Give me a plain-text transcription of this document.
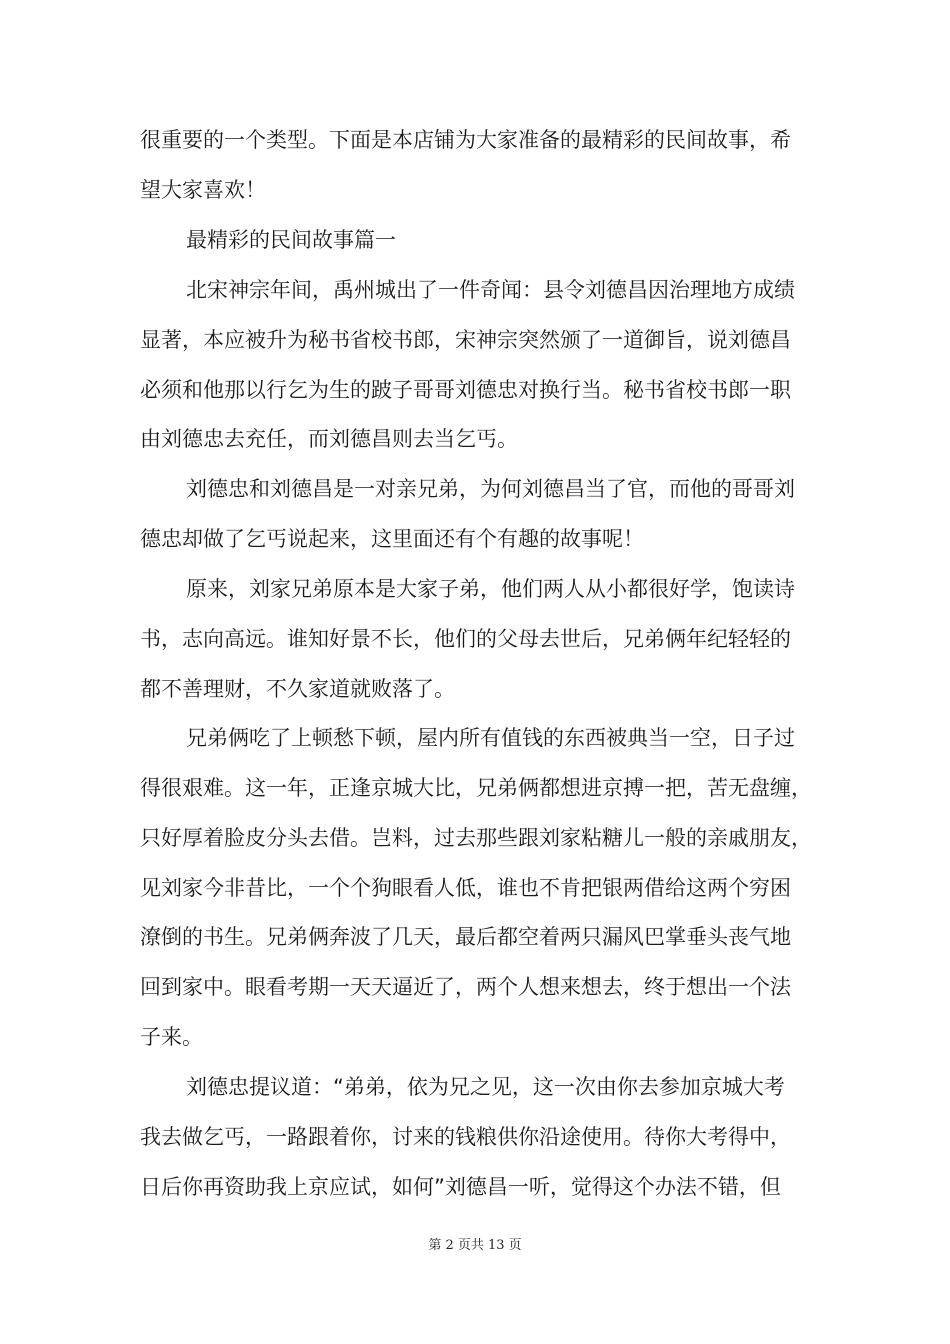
很重要的一个类型。下面是本店铺为大家准备的最精彩的民间故事，希
望大家喜欢！
最精彩的民间故事篇一
北宋神宗年间，禹州城出了一件奇闻：县令刘德昌因治理地方成绩
显著，本应被升为秘书省校书郎，宋神宗突然颁了一道御旨，说刘德昌
必须和他那以行乞为生的跛子哥哥刘德忠对换行当。秘书省校书郎一职
由刘德忠去充任，而刘德昌则去当乞丐。
刘德忠和刘德昌是一对亲兄弟，为何刘德昌当了官，而他的哥哥刘
德忠却做了乞丐说起来，这里面还有个有趣的故事呢！
原来，刘家兄弟原本是大家子弟，他们两人从小都很好学，饱读诗
书，志向高远。谁知好景不长，他们的父母去世后，兄弟俩年纪轻轻的
都不善理财，不久家道就败落了。
兄弟俩吃了上顿愁下顿，屋内所有值钱的东西被典当一空，日子过
得很艰难。这一年，正逢京城大比，兄弟俩都想进京搏一把，苦无盘缠，
只好厚着脸皮分头去借。岂料，过去那些跟刘家粘糖儿一般的亲戚朋友，
见刘家今非昔比，一个个狗眼看人低，谁也不肯把银两借给这两个穷困
潦倒的书生。兄弟俩奔波了几天，最后都空着两只漏风巴掌垂头丧气地
回到家中。眼看考期一天天逼近了，两个人想来想去，终于想出一个法
子来。
刘德忠提议道：“弟弟，依为兄之见，这一次由你去参加京城大考
我去做乞丐，一路跟着你，讨来的钱粮供你沿途使用。待你大考得中，
日后你再资助我上京应试，如何”刘德昌一听，觉得这个办法不错，但
第 2 页共 13 页
